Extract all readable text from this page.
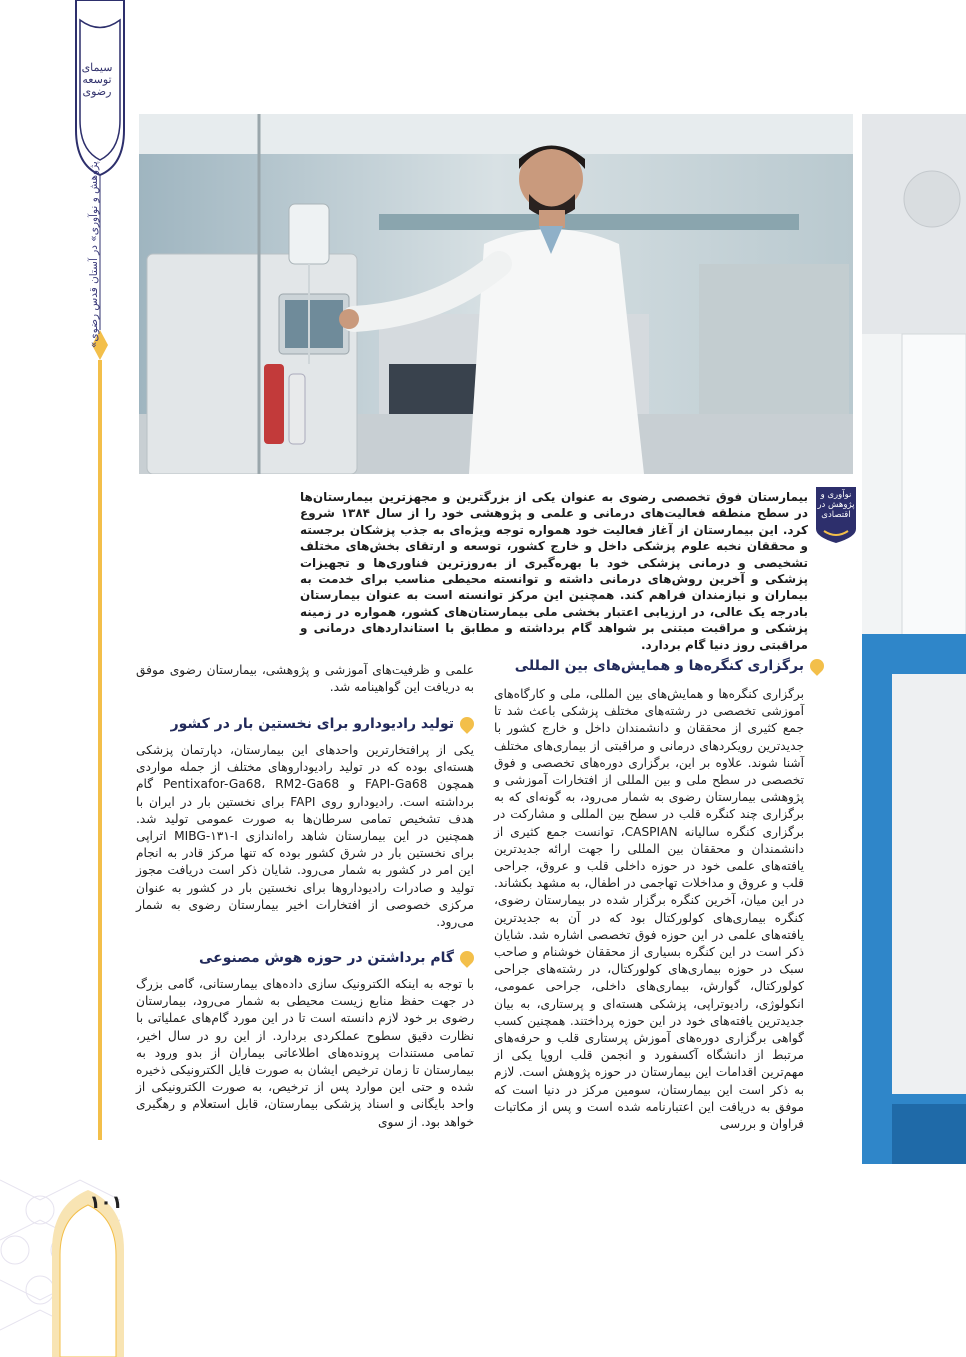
سیمای توسعه رضوی
«پژوهش و نوآوری» در آستان قدس رضوی
۱۰۱
نوآوری و پژوهش در اقتصادی

بیمارستان فوق تخصصی رضوی به عنوان یکی از بزرگترین و مجهزترین بیمارستان‌ها در سطح منطقه فعالیت‌های درمانی و علمی و پژوهشی خود را از سال ۱۳۸۴ شروع کرد. این بیمارستان از آغاز فعالیت خود همواره توجه ویژه‌ای به جذب پزشکان برجسته و محققان نخبه علوم پزشکی داخل و خارج کشور، توسعه و ارتقای بخش‌های مختلف تشخیصی و درمانی پزشکی خود با بهره‌گیری از به‌روزترین فناوری‌ها و تجهیزات پزشکی و آخرین روش‌های درمانی داشته و توانسته محیطی مناسب برای خدمت به بیماران و نیازمندان فراهم کند. همچنین این مرکز توانسته است به عنوان بیمارستان بادرجه یک عالی، در ارزیابی اعتبار بخشی ملی بیمارستان‌های کشور، همواره در زمینه پزشکی و مراقبت مبتنی بر شواهد گام برداشته و مطابق با استانداردهای درمانی و مراقبتی روز دنیا گام بردارد.

برگزاری کنگره‌ها و همایش‌های بین المللی

برگزاری کنگره‌ها و همایش‌های بین المللی، ملی و کارگاه‌های آموزشی تخصصی در رشته‌های مختلف پزشکی باعث شد تا جمع کثیری از محققان و دانشمندان داخل و خارج کشور با جدیدترین رویکردهای درمانی و مراقبتی از بیماری‌های مختلف آشنا شوند. علاوه بر این، برگزاری دوره‌های تخصصی و فوق تخصصی در سطح ملی و بین المللی از افتخارات آموزشی و پژوهشی بیمارستان رضوی به شمار می‌رود، به گونه‌ای که به برگزاری چند کنگره قلب در سطح بین المللی و مشارکت در برگزاری کنگره سالیانه CASPIAN، توانست جمع کثیری از دانشمندان و محققان بین المللی را جهت ارائه جدیدترین یافته‌های علمی خود در حوزه داخلی قلب و عروق، جراحی قلب و عروق و مداخلات تهاجمی در اطفال، به مشهد بکشاند. در این میان، آخرین کنگره برگزار شده در بیمارستان رضوی، کنگره بیماری‌های کولورکتال بود که در آن به جدیدترین یافته‌های علمی در این حوزه فوق تخصصی اشاره شد. شایان ذکر است در این کنگره بسیاری از محققان خوشنام و صاحب سبک در حوزه بیماری‌های کولورکتال، در رشته‌های جراحی کولورکتال، گوارش، بیماری‌های داخلی، جراحی عمومی، انکولوژی، رادیوتراپی، پزشکی هسته‌ای و پرستاری، به بیان جدیدترین یافته‌های خود در این حوزه پرداختند. همچنین کسب گواهی برگزاری دوره‌های آموزش پرستاری قلب و حرفه‌های مرتبط از دانشگاه آکسفورد و انجمن قلب اروپا یکی از مهم‌ترین اقدامات این بیمارستان در حوزه پژوهش است. لازم به ذکر است این بیمارستان، سومین مرکز در دنیا است که موفق به دریافت این اعتبارنامه شده است و پس از مکاتبات فراوان و بررسی

علمی و ظرفیت‌های آموزشی و پژوهشی، بیمارستان رضوی موفق به دریافت این گواهینامه شد.

تولید رادیودارو برای نخستین بار در کشور

یکی از پرافتخارترین واحدهای این بیمارستان، دپارتمان پزشکی هسته‌ای بوده که در تولید رادیوداروهای مختلف از جمله مواردی همچون FAPI-Ga68 و Pentixafor-Ga68، RM2-Ga68 گام برداشته است. رادیودارو روی FAPI برای نخستین بار در ایران با هدف تشخیص تمامی سرطان‌ها به صورت عمومی تولید شد. همچنین در این بیمارستان شاهد راه‌اندازی MIBG-۱۳۱-I اتراپی برای نخستین بار در شرق کشور بوده که تنها مرکز قادر به انجام این امر در کشور به شمار می‌رود. شایان ذکر است دریافت مجوز تولید و صادرات رادیوداروها برای نخستین بار در کشور به عنوان مرکزی خصوصی از افتخارات اخیر بیمارستان رضوی به شمار می‌رود.

گام برداشتن در حوزه هوش مصنوعی

با توجه به اینکه الکترونیک سازی داده‌های بیمارستانی، گامی بزرگ در جهت حفظ منابع زیست محیطی به شمار می‌رود، بیمارستان رضوی بر خود لازم دانسته است تا در این مورد گام‌های عملیاتی با نظارت دقیق سطوح عملکردی بردارد. از این رو در سال اخیر، تمامی مستندات پرونده‌های اطلاعاتی بیماران از بدو ورود به بیمارستان تا زمان ترخیص ایشان به صورت فایل الکترونیکی ذخیره شده و حتی این موارد پس از ترخیص، به صورت الکترونیکی از واحد بایگانی و اسناد پزشکی بیمارستان، قابل استعلام و رهگیری خواهد بود. از سوی
